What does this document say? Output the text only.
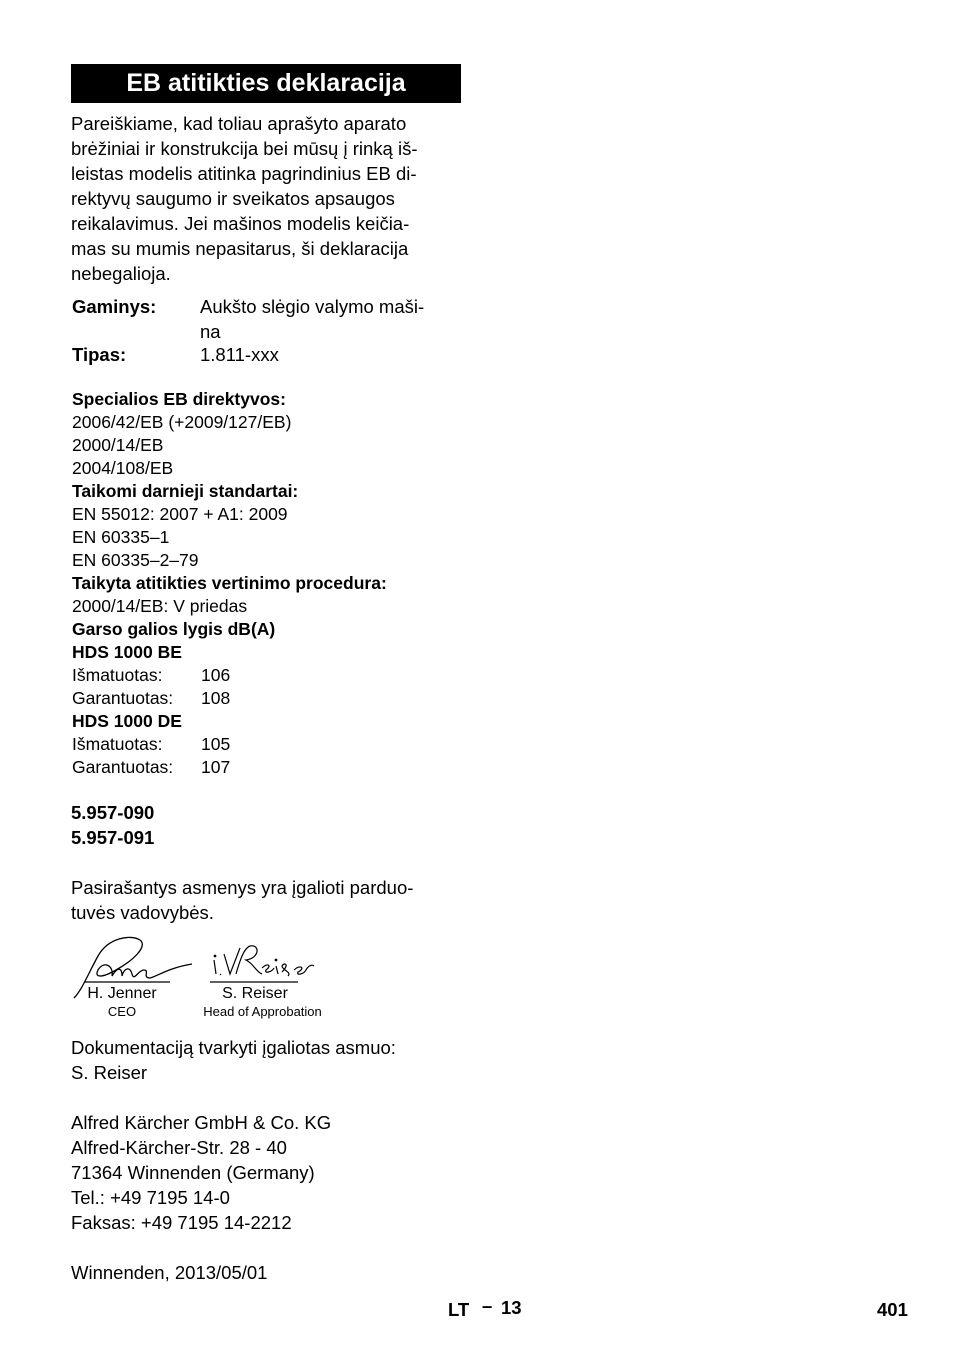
EB atitikties deklaracija
Pareiškiame, kad toliau aprašyto aparato
brėžiniai ir konstrukcija bei mūsų į rinką iš-
leistas modelis atitinka pagrindinius EB di-
rektyvų saugumo ir sveikatos apsaugos
reikalavimus. Jei mašinos modelis keičia-
mas su mumis nepasitarus, ši deklaracija
nebegalioja.
Gaminys: Aukšto slėgio valymo maši-
na
Tipas:	1.811-xxx
Specialios EB direktyvos:
2006/42/EB (+2009/127/EB)
2000/14/EB
2004/108/EB
Taikomi darnieji standartai:
EN 55012: 2007 + A1: 2009
EN 60335–1
EN 60335–2–79
Taikyta atitikties vertinimo procedura:
2000/14/EB: V priedas
Garso galios lygis dB(A)
HDS 1000 BE
Išmatuotas: 106
Garantuotas: 108
HDS 1000 DE
Išmatuotas: 105
Garantuotas: 107
5.957-090
5.957-091
Pasirašantys asmenys yra įgalioti parduo-
tuvės vadovybės.
H. Jenner
CEO
S. Reiser
Head of Approbation
Dokumentaciją tvarkyti įgaliotas asmuo:
S. Reiser
Alfred Kärcher GmbH & Co. KG
Alfred-Kärcher-Str. 28 - 40
71364 Winnenden (Germany)
Tel.: +49 7195 14-0
Faksas: +49 7195 14-2212
Winnenden, 2013/05/01
LT – 13	401
